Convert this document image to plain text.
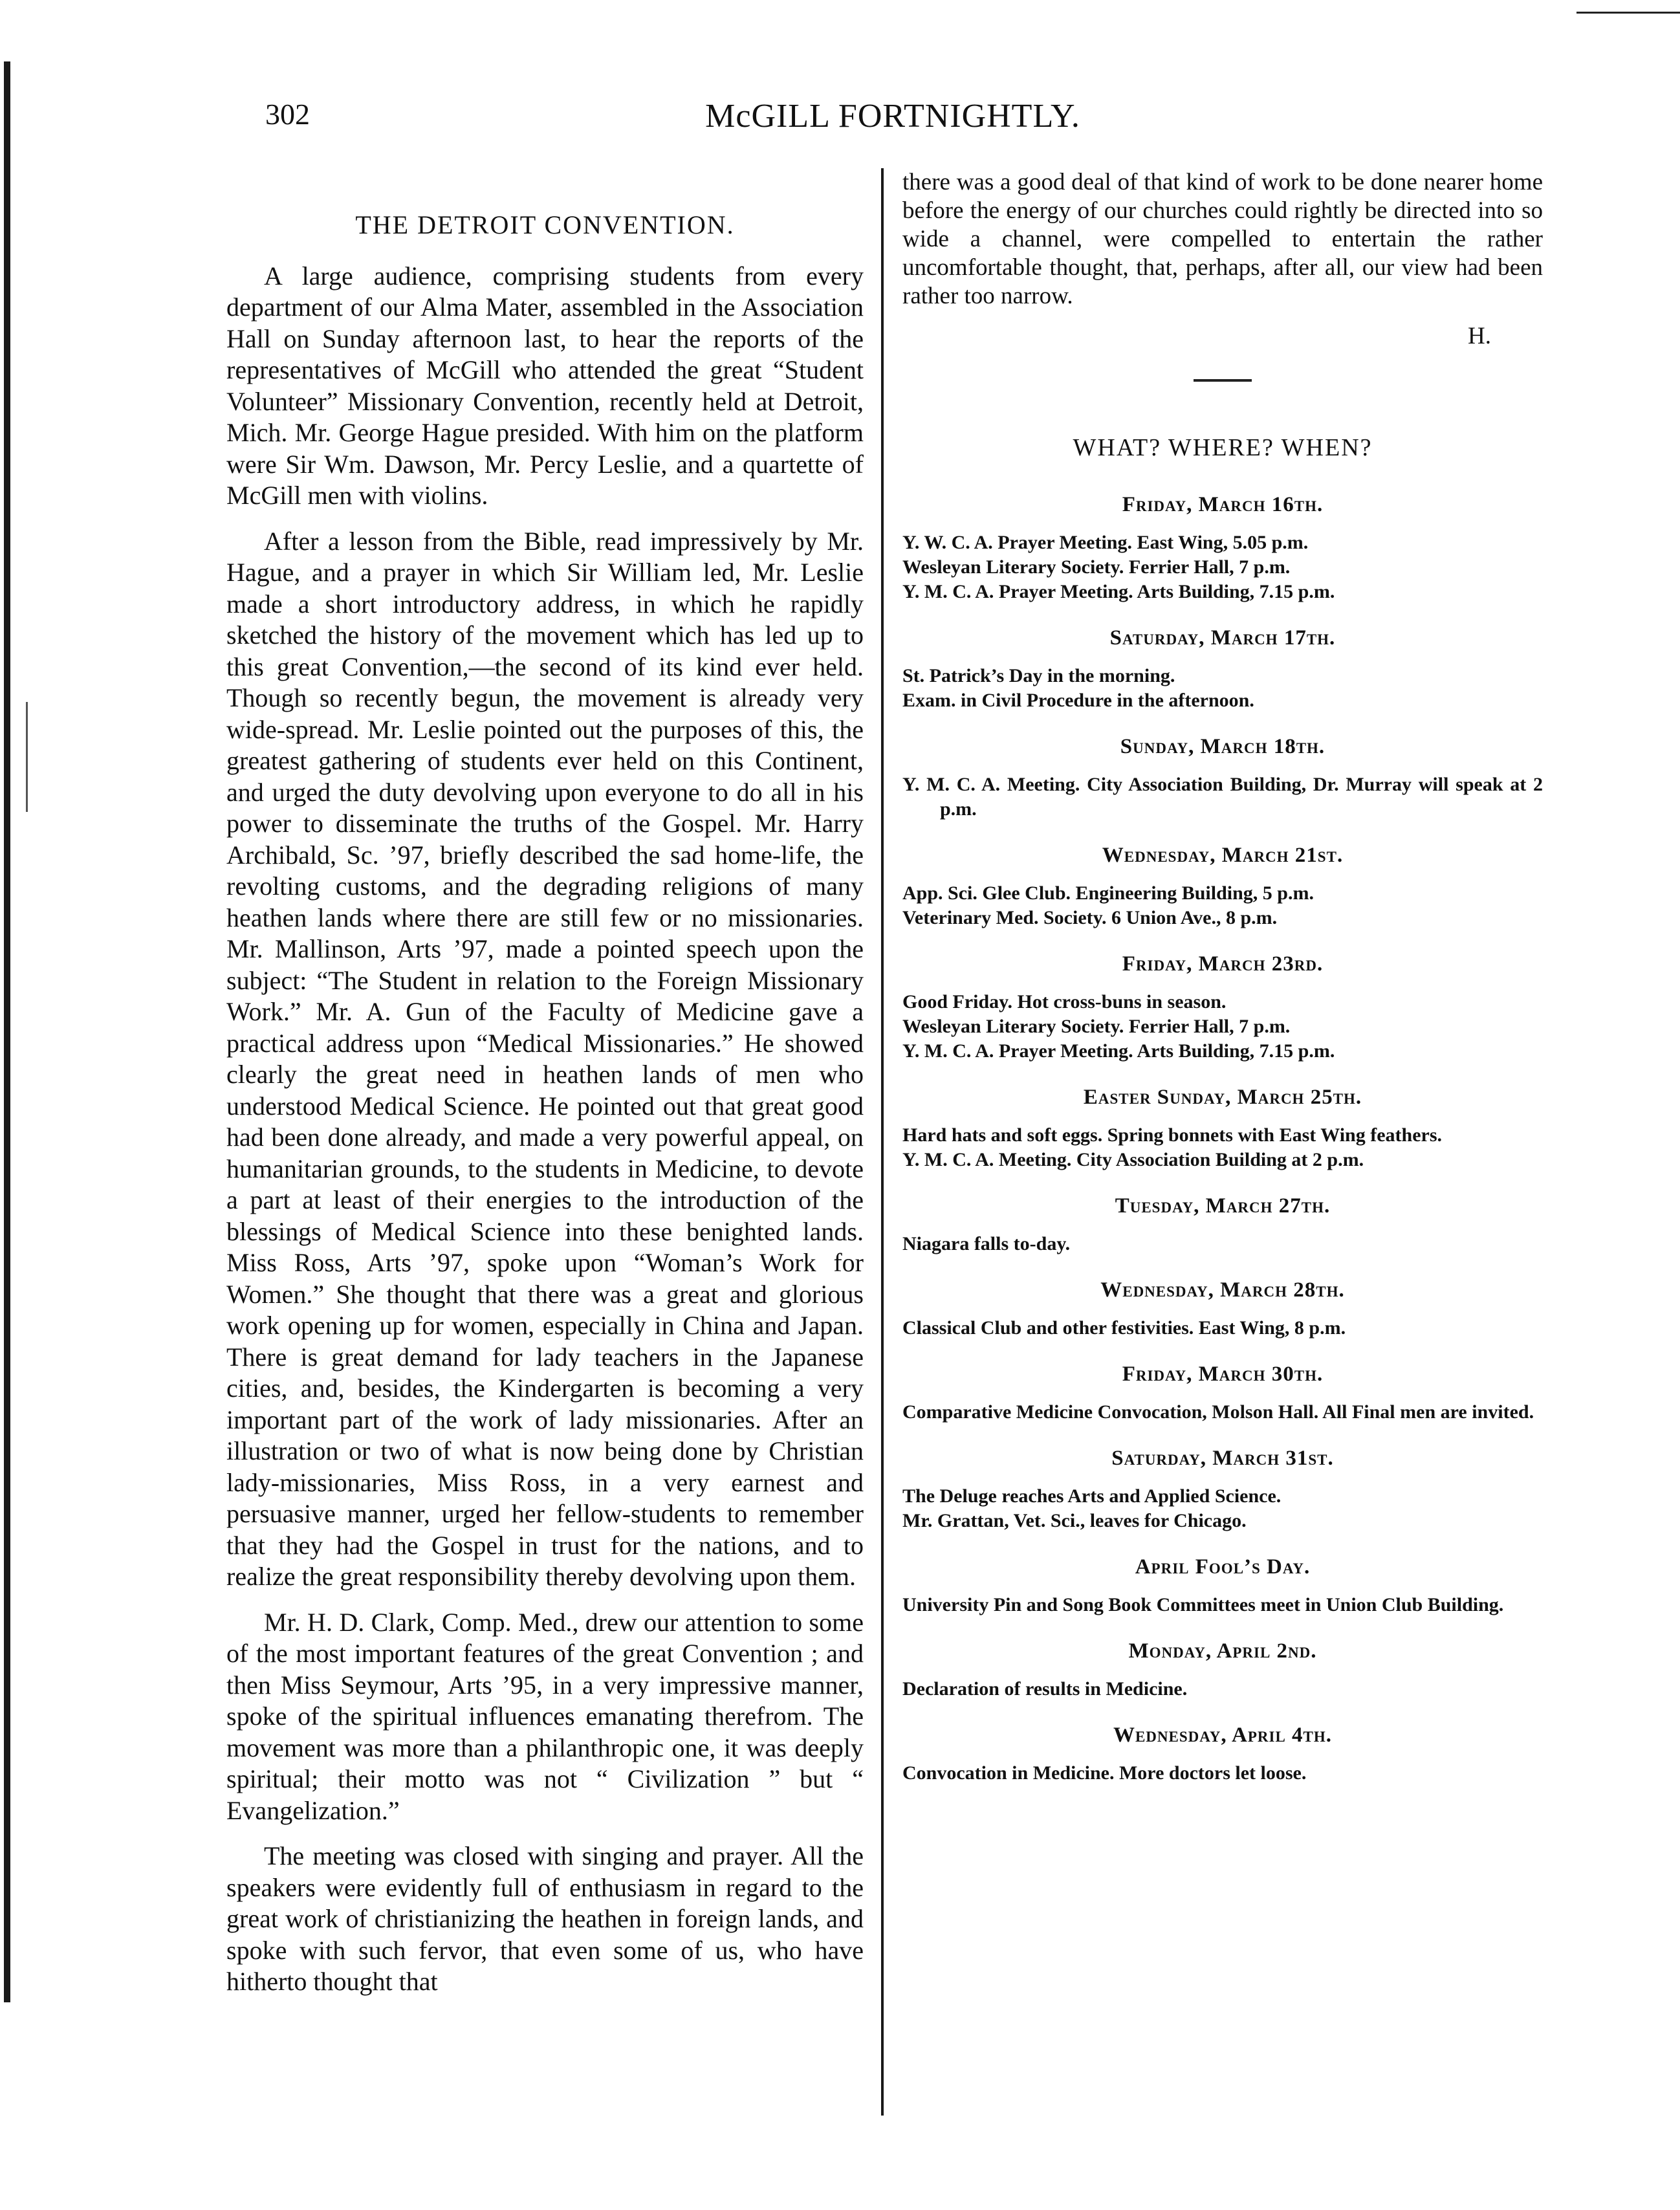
302	McGILL FORTNIGHTLY.
THE DETROIT CONVENTION.

A large audience, comprising students from every department of our Alma Mater, assembled in the Association Hall on Sunday afternoon last, to hear the reports of the representatives of McGill who attended the great “Student Volunteer” Missionary Convention, recently held at Detroit, Mich. Mr. George Hague presided. With him on the platform were Sir Wm. Dawson, Mr. Percy Leslie, and a quartette of McGill men with violins.

After a lesson from the Bible, read impressively by Mr. Hague, and a prayer in which Sir William led, Mr. Leslie made a short introductory address, in which he rapidly sketched the history of the movement which has led up to this great Convention,—the second of its kind ever held. Though so recently begun, the movement is already very wide-spread. Mr. Leslie pointed out the purposes of this, the greatest gathering of students ever held on this Continent, and urged the duty devolving upon everyone to do all in his power to disseminate the truths of the Gospel. Mr. Harry Archibald, Sc. ’97, briefly described the sad home-life, the revolting customs, and the degrading religions of many heathen lands where there are still few or no missionaries. Mr. Mallinson, Arts ’97, made a pointed speech upon the subject: “The Student in relation to the Foreign Missionary Work.” Mr. A. Gun of the Faculty of Medicine gave a practical address upon “Medical Missionaries.” He showed clearly the great need in heathen lands of men who understood Medical Science. He pointed out that great good had been done already, and made a very powerful appeal, on humanitarian grounds, to the students in Medicine, to devote a part at least of their energies to the introduction of the blessings of Medical Science into these benighted lands. Miss Ross, Arts ’97, spoke upon “Woman’s Work for Women.” She thought that there was a great and glorious work opening up for women, especially in China and Japan. There is great demand for lady teachers in the Japanese cities, and, besides, the Kindergarten is becoming a very important part of the work of lady missionaries. After an illustration or two of what is now being done by Christian lady-missionaries, Miss Ross, in a very earnest and persuasive manner, urged her fellow-students to remember that they had the Gospel in trust for the nations, and to realize the great responsibility thereby devolving upon them.

Mr. H. D. Clark, Comp. Med., drew our attention to some of the most important features of the great Convention ; and then Miss Seymour, Arts ’95, in a very impressive manner, spoke of the spiritual influences emanating therefrom. The movement was more than a philanthropic one, it was deeply spiritual; their motto was not “ Civilization ” but “ Evangelization.”

The meeting was closed with singing and prayer. All the speakers were evidently full of enthusiasm in regard to the great work of christianizing the heathen in foreign lands, and spoke with such fervor, that even some of us, who have hitherto thought that

there was a good deal of that kind of work to be done nearer home before the energy of our churches could rightly be directed into so wide a channel, were compelled to entertain the rather uncomfortable thought, that, perhaps, after all, our view had been rather too narrow.

H.
WHAT? WHERE? WHEN?
Friday, March 16th.
Y. W. C. A. Prayer Meeting. East Wing, 5.05 p.m.
Wesleyan Literary Society. Ferrier Hall, 7 p.m.
Y. M. C. A. Prayer Meeting. Arts Building, 7.15 p.m.
Saturday, March 17th.
St. Patrick’s Day in the morning.
Exam. in Civil Procedure in the afternoon.
Sunday, March 18th.
Y. M. C. A. Meeting. City Association Building, Dr. Murray will speak at 2 p.m.
Wednesday, March 21st.
App. Sci. Glee Club. Engineering Building, 5 p.m.
Veterinary Med. Society. 6 Union Ave., 8 p.m.
Friday, March 23rd.
Good Friday. Hot cross-buns in season.
Wesleyan Literary Society. Ferrier Hall, 7 p.m.
Y. M. C. A. Prayer Meeting. Arts Building, 7.15 p.m.
Easter Sunday, March 25th.
Hard hats and soft eggs. Spring bonnets with East Wing feathers.
Y. M. C. A. Meeting. City Association Building at 2 p.m.
Tuesday, March 27th.
Niagara falls to-day.
Wednesday, March 28th.
Classical Club and other festivities. East Wing, 8 p.m.
Friday, March 30th.
Comparative Medicine Convocation, Molson Hall. All Final men are invited.
Saturday, March 31st.
The Deluge reaches Arts and Applied Science.
Mr. Grattan, Vet. Sci., leaves for Chicago.
April Fool’s Day.
University Pin and Song Book Committees meet in Union Club Building.
Monday, April 2nd.
Declaration of results in Medicine.
Wednesday, April 4th.
Convocation in Medicine. More doctors let loose.
